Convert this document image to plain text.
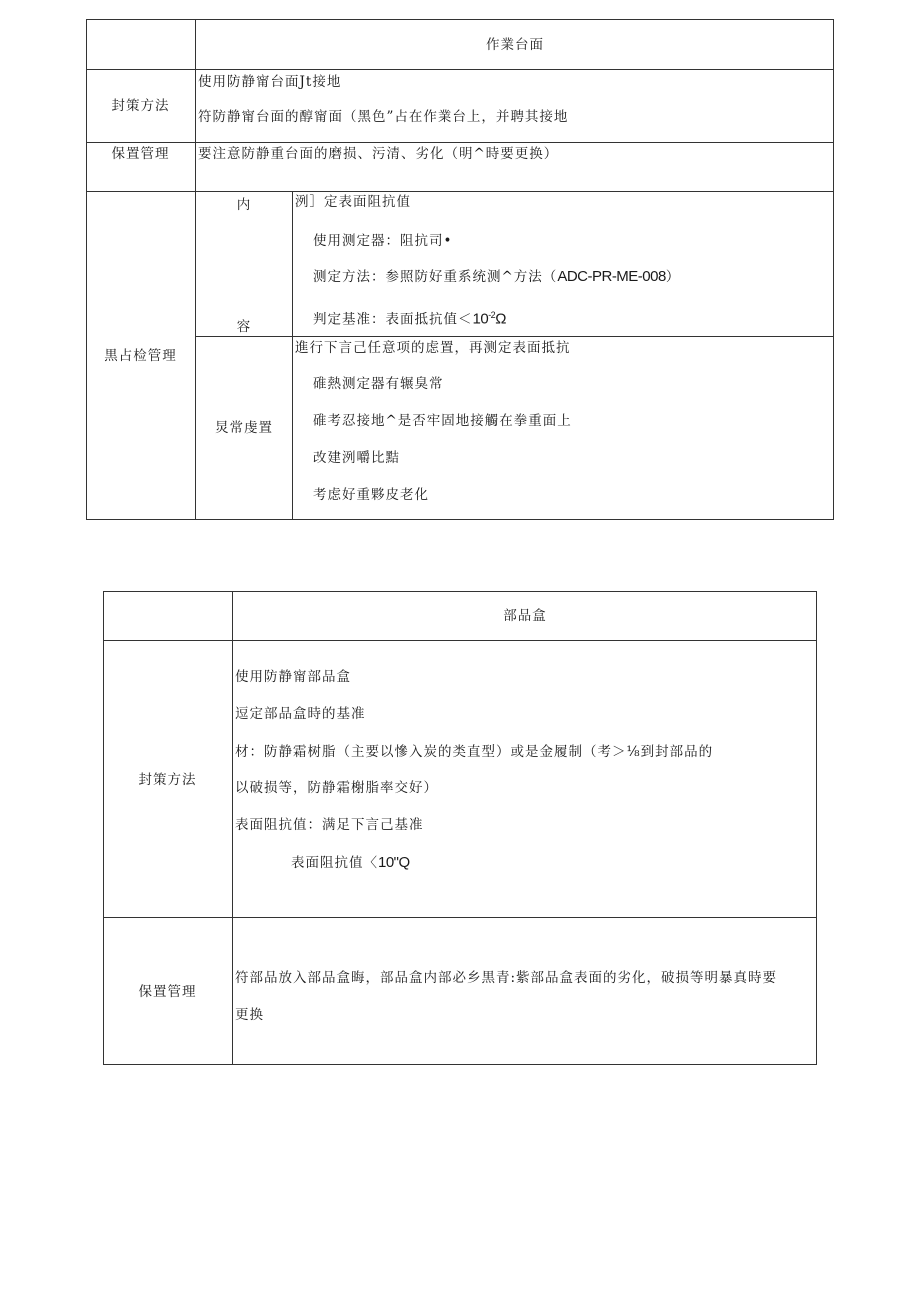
作業台面
封策方法
使用防静甯台面Jt接地
符防静甯台面的醇甯面（黑色”占在作業台上，并聘其接地
保置管理	要注意防静重台面的磨损、污清、劣化（明^時要更换）
黒占检管理
内
容
洌］定表面阻抗值
使用测定器：阻抗司•
测定方法：参照防好重系统测^方法（ADC-PR-ME-008）
判定基准：表面抵抗值$<10^{-2}\Omega$
炅常虔置
進行下言己任意项的虑置，再测定表面抵抗
碓熱测定器有辗臭常
碓考忍接地^是否牢固地接觸在拳重面上
改建洌嚼比黠
考虑好重夥皮老化
部品盒
封策方法
使用防静甯部品盒
逗定部品盒時的基准
材：防静霜树脂（主要以慘入炭的类直型）或是金履制（考＞⅛到封部品的
以破损等，防静霜榭脂率交好）
表面阻抗值：满足下言己基准
表面阻抗值〈10"Q
保置管理
符部品放入部品盒晦，部品盒内部必乡黒青:紫部品盒表面的劣化，破损等明暴真時要
更换
